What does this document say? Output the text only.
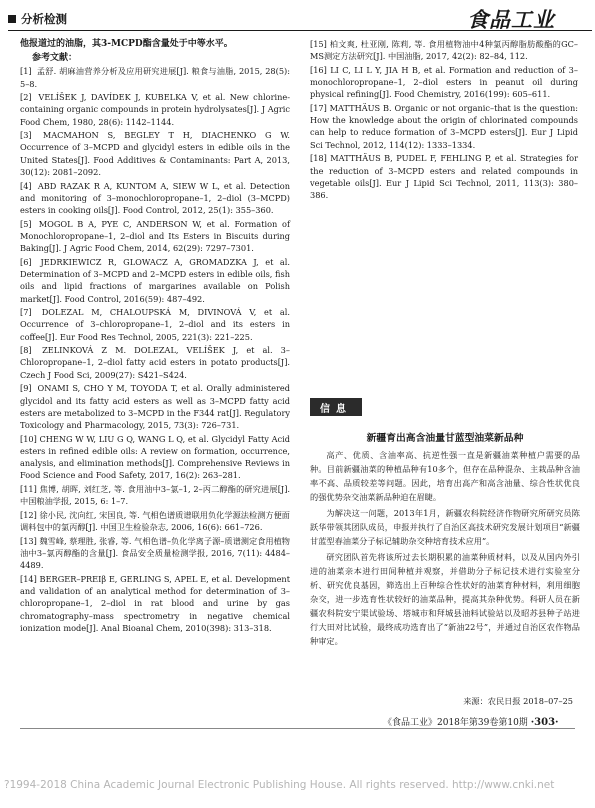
分析检测	食品工业
他报道过的油脂，其3-MCPD酯含量处于中等水平。
参考文献：
[1] 孟舒. 胡麻油营养分析及应用研究进展[J]. 粮食与油脂, 2015, 28(5): 5–8.
[2] VELÍŠEK J, DAVÍDEK J, KUBELKA V, et al. New chlorine-containing organic compounds in protein hydrolysates[J]. J Agric Food Chem, 1980, 28(6): 1142–1144.
[3] MACMAHON S, BEGLEY T H, DIACHENKO G W. Occurrence of 3–MCPD and glycidyl esters in edible oils in the United States[J]. Food Additives & Contaminants: Part A, 2013, 30(12): 2081–2092.
[4] ABD RAZAK R A, KUNTOM A, SIEW W L, et al. Detection and monitoring of 3–monochloropropane–1, 2–diol (3–MCPD) esters in cooking oils[J]. Food Control, 2012, 25(1): 355–360.
[5] MOGOL B A, PYE C, ANDERSON W, et al. Formation of Monochloropropane–1, 2–diol and Its Esters in Biscuits during Baking[J]. J Agric Food Chem, 2014, 62(29): 7297–7301.
[6] JEDRKIEWICZ R, GLOWACZ A, GROMADZKA J, et al. Determination of 3–MCPD and 2–MCPD esters in edible oils, fish oils and lipid fractions of margarines available on Polish market[J]. Food Control, 2016(59): 487–492.
[7] DOLEZAL M, CHALOUPSKÁ M, DIVINOVÁ V, et al. Occurrence of 3–chloropropane–1, 2–diol and its esters in coffee[J]. Eur Food Res Technol, 2005, 221(3): 221–225.
[8] ZELINKOVÁ Z M. DOLEZAL, VELÍŠEK J, et al. 3–Chloropropane–1, 2–diol fatty acid esters in potato products[J]. Czech J Food Sci, 2009(27): S421–S424.
[9] ONAMI S, CHO Y M, TOYODA T, et al. Orally administered glycidol and its fatty acid esters as well as 3–MCPD fatty acid esters are metabolized to 3–MCPD in the F344 rat[J]. Regulatory Toxicology and Pharmacology, 2015, 73(3): 726–731.
[10] CHENG W W, LIU G Q, WANG L Q, et al. Glycidyl Fatty Acid esters in refined edible oils: A review on formation, occurrence, analysis, and elimination methods[J]. Comprehensive Reviews in Food Science and Food Safety, 2017, 16(2): 263–281.
[11] 焦博, 胡晖, 刘红芝, 等. 食用油中3–氯–1, 2–丙二醇酯的研究进展[J]. 中国粮油学报, 2015, 6: 1–7.
[12] 徐小民, 沈向红, 宋国良, 等. 气相色谱质谱联用负化学源法检测方便面调料包中的氯丙醇[J]. 中国卫生检验杂志, 2006, 16(6): 661–726.
[13] 魏雪峰, 蔡理胜, 张睿, 等. 气相色谱–负化学离子源–质谱测定食用植物油中3–氯丙醇酯的含量[J]. 食品安全质量检测学报, 2016, 7(11): 4484–4489.
[14] BERGER–PREIβ E, GERLING S, APEL E, et al. Development and validation of an analytical method for determination of 3–chloropropane–1, 2–diol in rat blood and urine by gas chromatography–mass spectrometry in negative chemical ionization mode[J]. Anal Bioanal Chem, 2010(398): 313–318.
[15] 柏文爽, 杜亚刚, 陈莉, 等. 食用植物油中4种氯丙醇脂肪酸酯的GC–MS测定方法研究[J]. 中国油脂, 2017, 42(2): 82–84, 112.
[16] LI C, LI L Y, JIA H B, et al. Formation and reduction of 3–monochloropropane–1, 2–diol esters in peanut oil during physical refining[J]. Food Chemistry, 2016(199): 605–611.
[17] MATTHÄUS B. Organic or not organic–that is the question: How the knowledge about the origin of chlorinated compounds can help to reduce formation of 3–MCPD esters[J]. Eur J Lipid Sci Technol, 2012, 114(12): 1333–1334.
[18] MATTHÄUS B, PUDEL F, FEHLING P, et al. Strategies for the reduction of 3–MCPD esters and related compounds in vegetable oils[J]. Eur J Lipid Sci Technol, 2011, 113(3): 380–386.
信息
新疆育出高含油量甘蓝型油菜新品种

高产、优质、含油率高、抗逆性强一直是新疆油菜种植户需要的品种。目前新疆油菜的种植品种有10多个，但存在品种混杂、主栽品种含油率不高、品质较差等问题。因此，培育出高产和高含油量、综合性状优良的强优势杂交油菜新品种迫在眉睫。

为解决这一问题，2013年1月，新疆农科院经济作物研究所研究员陈跃华带领其团队成员，申报并执行了自治区高技术研究发展计划项目“新疆甘蓝型春油菜分子标记辅助杂交种培育技术应用”。

研究团队首先将该所过去长期积累的油菜种质材料，以及从国内外引进的油菜亲本进行田间种植并观察，并借助分子标记技术进行实验室分析、研究优良基因，筛选出上百种综合性状好的油菜育种材料，利用细胞杂交，进一步选育性状较好的油菜品种，提高其杂种优势。科研人员在新疆农科院安宁渠试验场、塔城市和拜城县油料试验站以及昭苏县种子站进行大田对比试验，最终成功选育出了“新油22号”，并通过自治区农作物品种审定。

来源：农民日报 2018–07–25
《食品工业》2018年第39卷第10期 ·303·
?1994-2018 China Academic Journal Electronic Publishing House. All rights reserved. http://www.cnki.net
